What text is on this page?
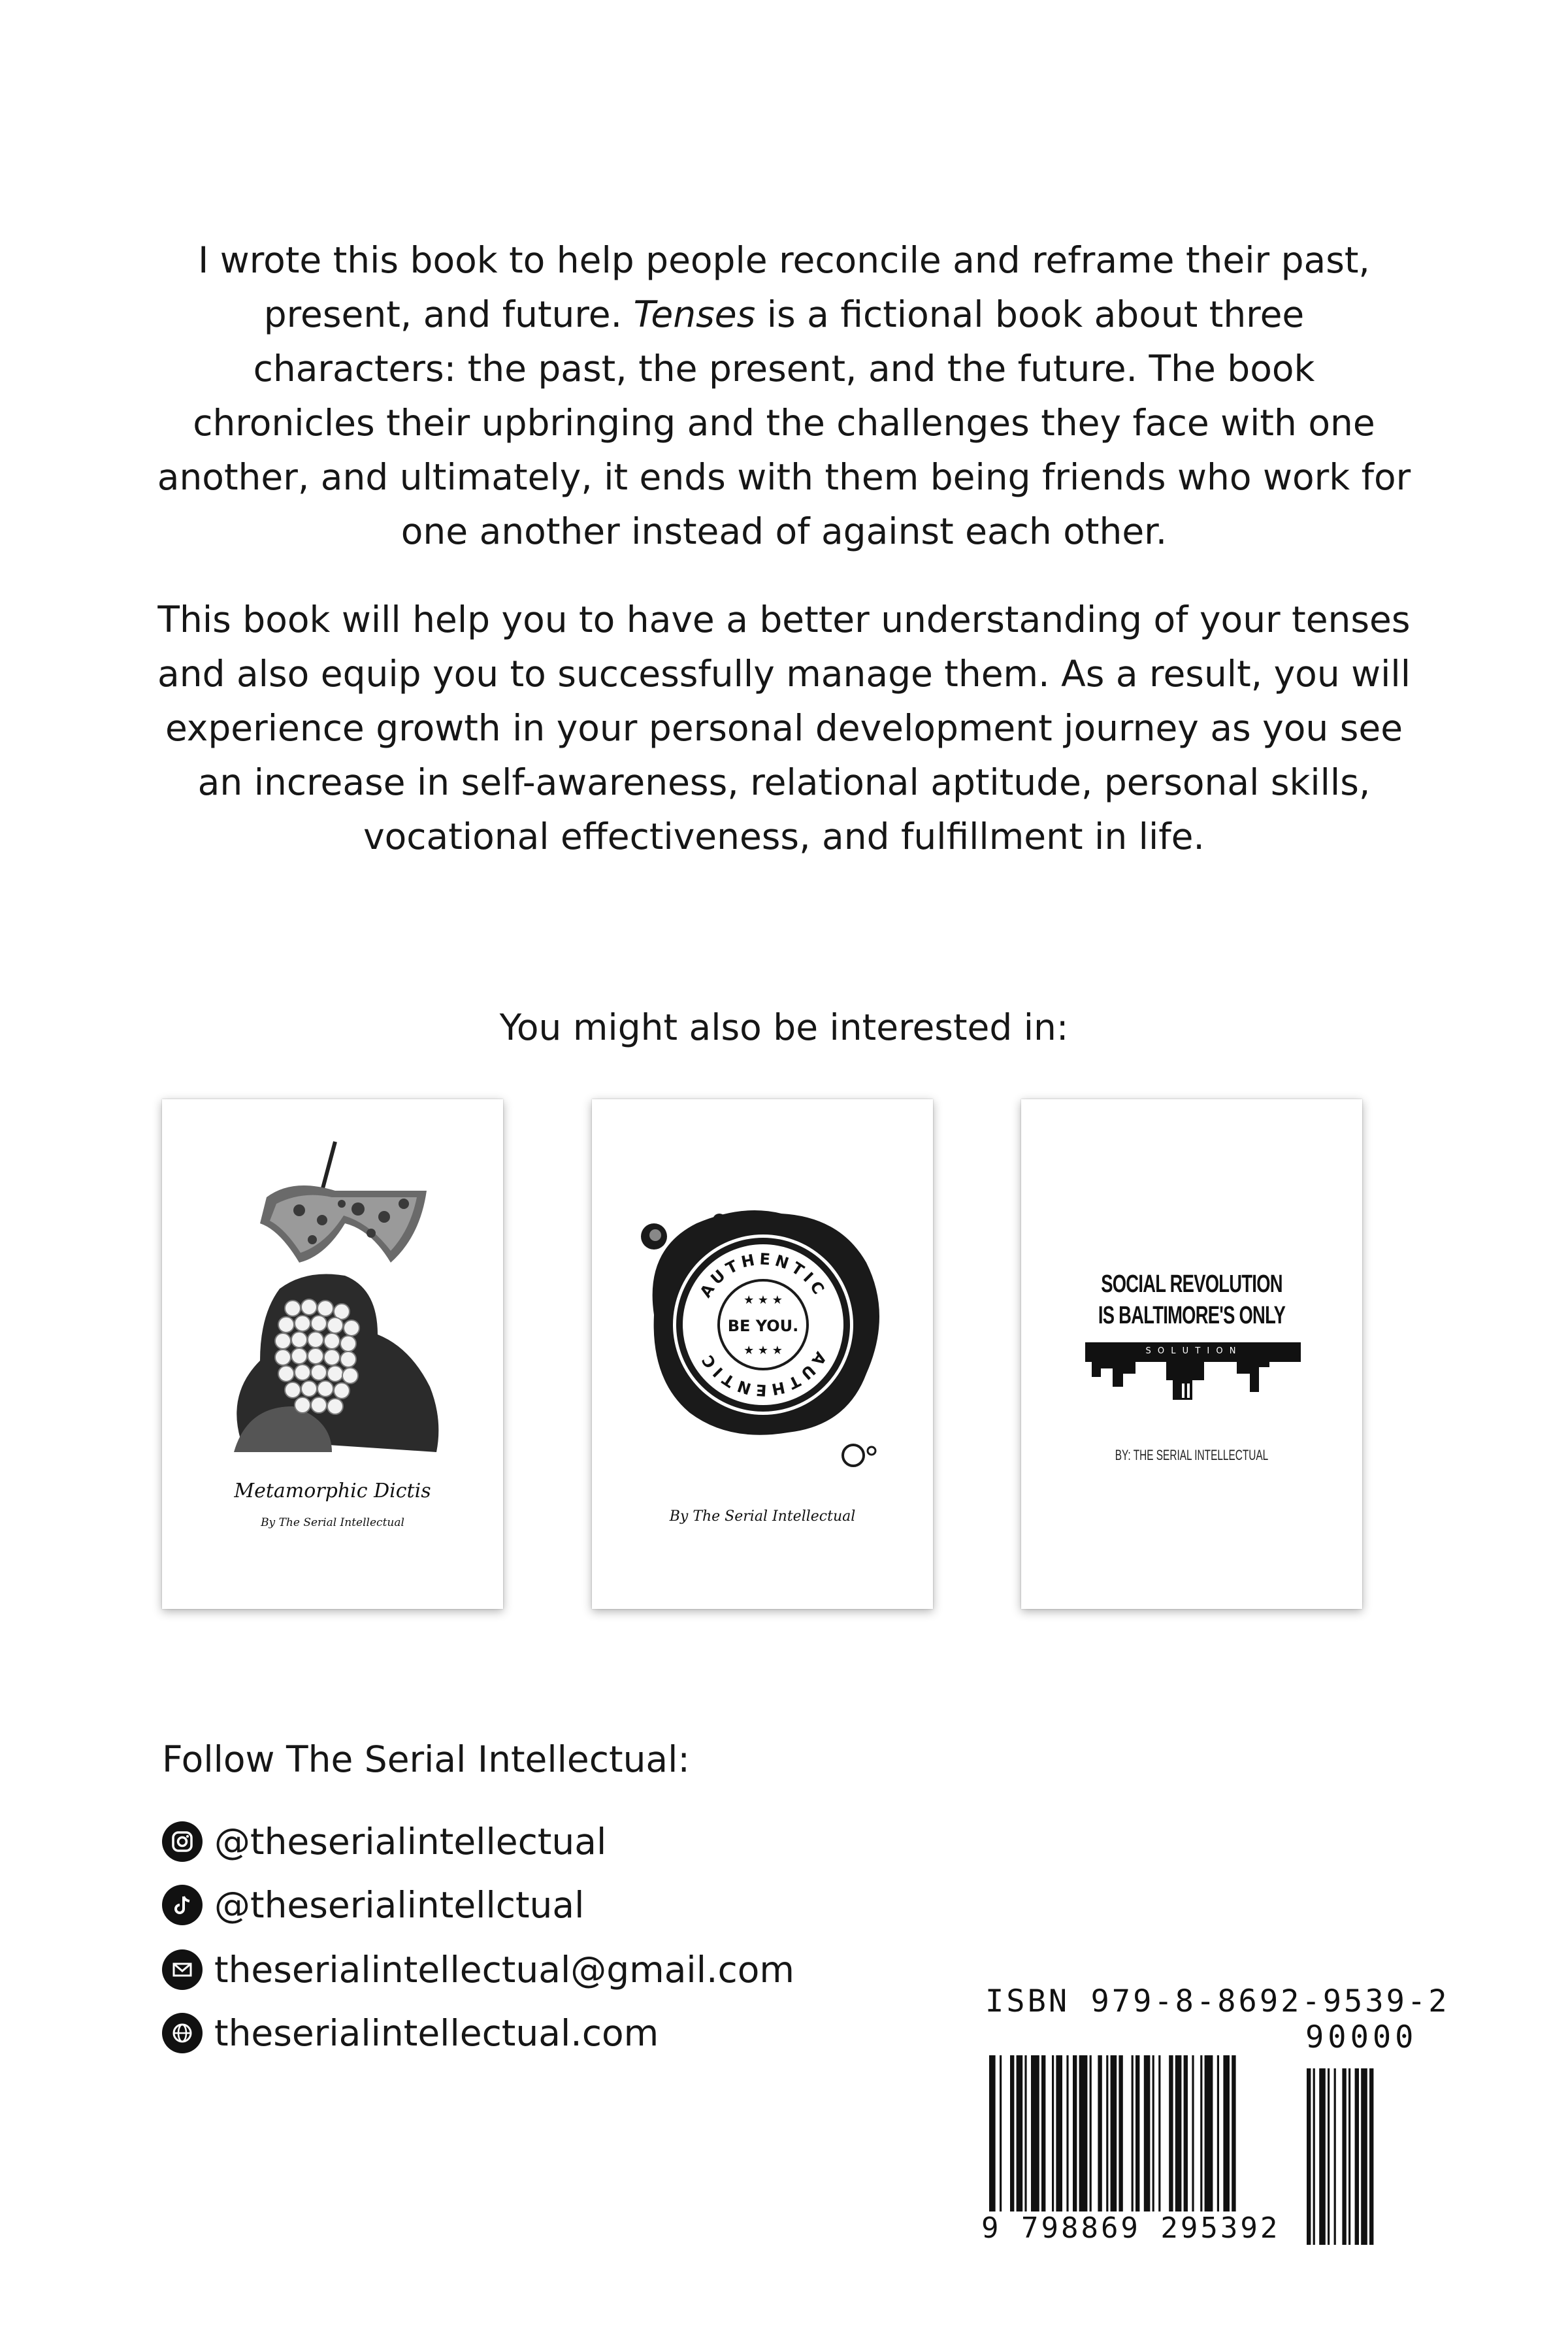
I wrote this book to help people reconcile and reframe their past, present, and future. Tenses is a fictional book about three characters: the past, the present, and the future. The book chronicles their upbringing and the challenges they face with one another, and ultimately, it ends with them being friends who work for one another instead of against each other.
This book will help you to have a better understanding of your tenses and also equip you to successfully manage them. As a result, you will experience growth in your personal development journey as you see an increase in self-awareness, relational aptitude, personal skills, vocational effectiveness, and fulfillment in life.
You might also be interested in:
Metamorphic Dictis
By The Serial Intellectual
AUTHENTIC
★ ★ ★
BE YOU.
★ ★ ★	AUTHENTIC
By The Serial Intellectual
SOCIAL REVOLUTION
IS BALTIMORE'S ONLY
S O L U T I O N
BY: THE SERIAL INTELLECTUAL
Follow The Serial Intellectual:
@theserialintellectual
@theserialintellctual
theserialintellectual@gmail.com
theserialintellectual.com
ISBN 979-8-8692-9539-2
90000
9 798869 295392
